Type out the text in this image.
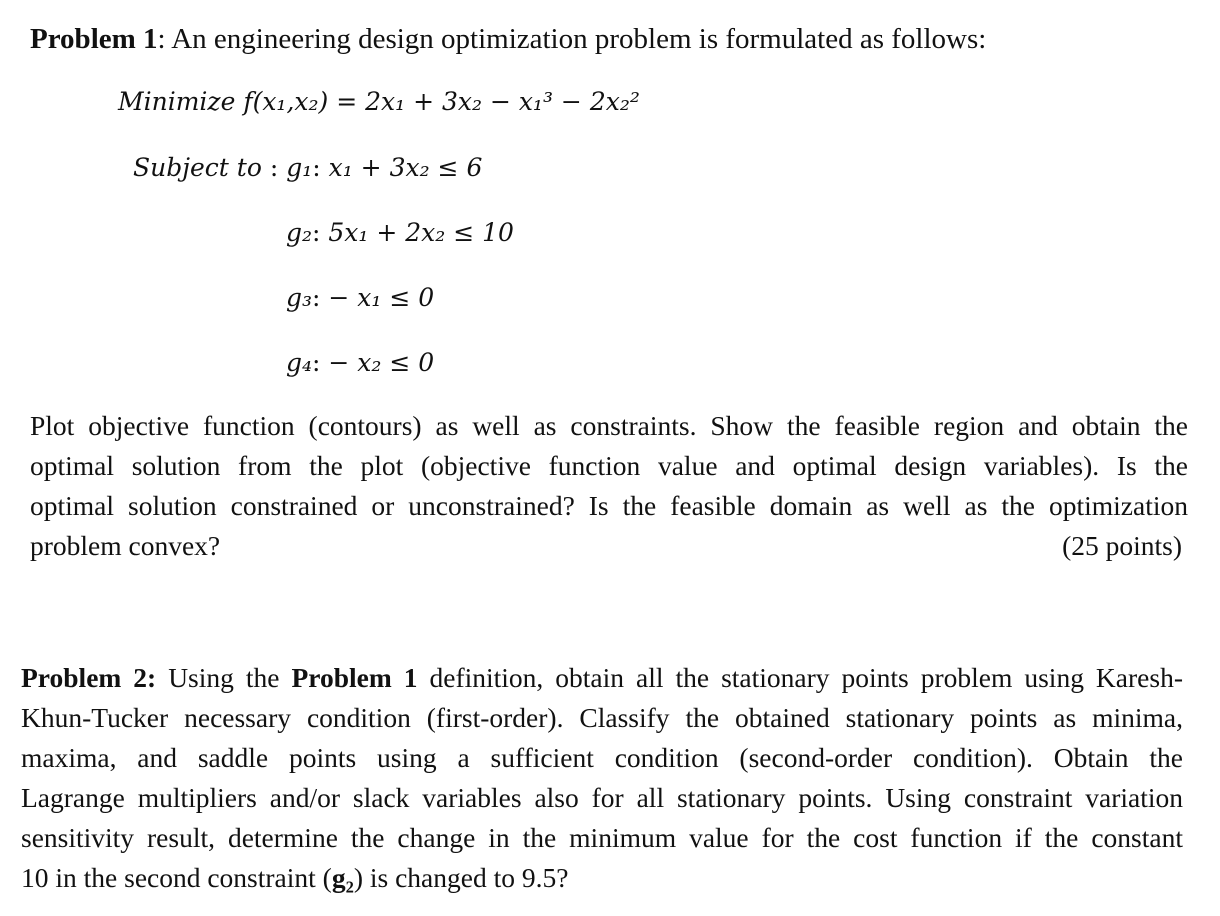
Problem 1: An engineering design optimization problem is formulated as follows:
Minimize f(x₁,x₂) = 2x₁ + 3x₂ − x₁³ − 2x₂²
Subject to : g₁: x₁ + 3x₂ ≤ 6
g₂: 5x₁ + 2x₂ ≤ 10
g₃: − x₁ ≤ 0
g₄: − x₂ ≤ 0
Plot objective function (contours) as well as constraints. Show the feasible region and obtain the
optimal solution from the plot (objective function value and optimal design variables). Is the
optimal solution constrained or unconstrained? Is the feasible domain as well as the optimization
problem convex?	(25 points)
Problem 2: Using the Problem 1 definition, obtain all the stationary points problem using Karesh-
Khun-Tucker necessary condition (first-order). Classify the obtained stationary points as minima,
maxima, and saddle points using a sufficient condition (second-order condition). Obtain the
Lagrange multipliers and/or slack variables also for all stationary points. Using constraint variation
sensitivity result, determine the change in the minimum value for the cost function if the constant
10 in the second constraint (g₂) is changed to 9.5?
